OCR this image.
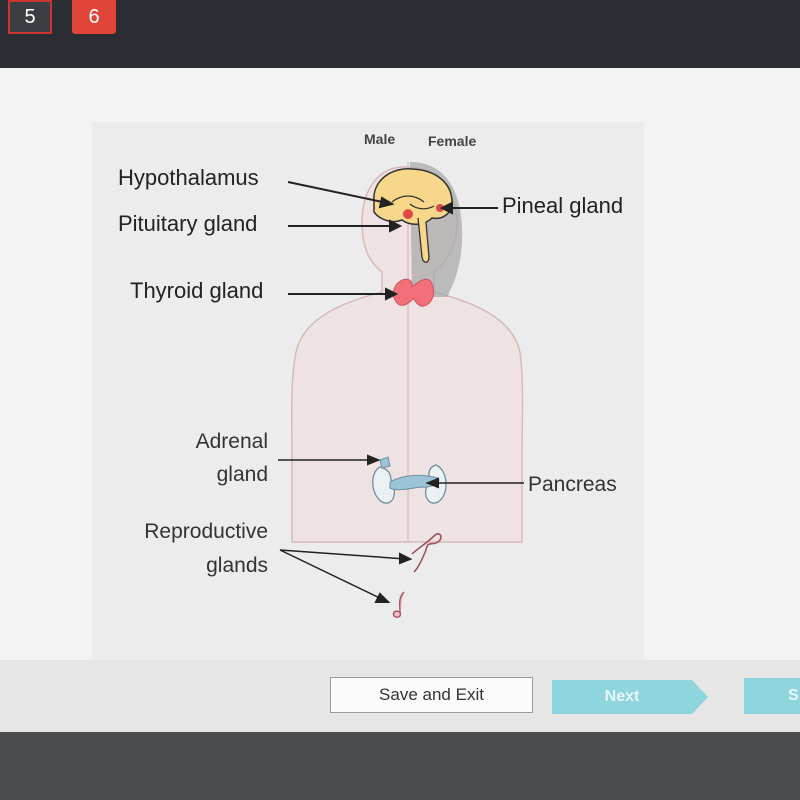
5	6
Male Female
Hypothalamus
Pituitary gland
Pineal gland
Thyroid gland
Adrenal
gland	Pancreas
Reproductive
glands
Save and Exit	Next	S
